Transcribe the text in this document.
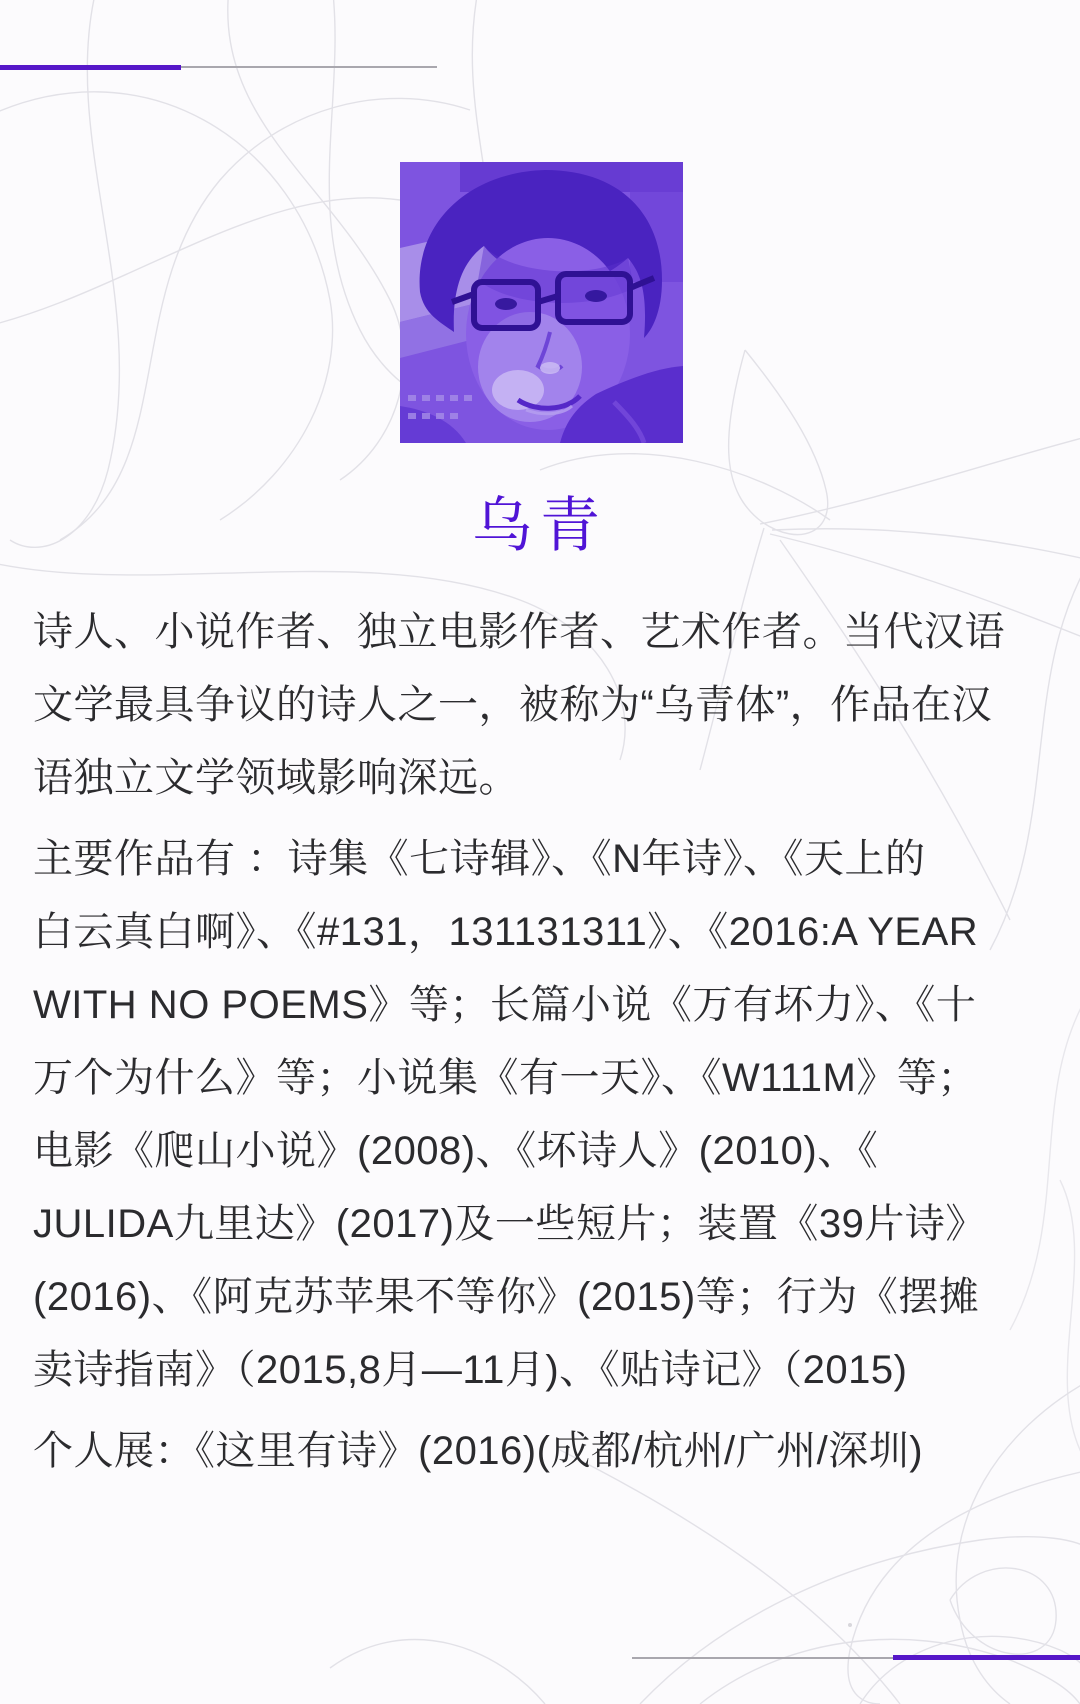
乌青
诗人、小说作者、独立电影作者、艺术作者。当代汉语
文学最具争议的诗人之一，被称为“乌青体”，作品在汉
语独立文学领域影响深远。
主要作品有 ：诗集《七诗辑》、《N年诗》、《天上的
白云真白啊》、《#131，131131311》、《2016:A YEAR
WITH NO POEMS》等；长篇小说《万有坏力》、《十
万个为什么》等；小说集《有一天》、《W111M》等；
电影《爬山小说》(2008)、《坏诗人》(2010)、《
JULIDA九里达》(2017)及一些短片；装置《39片诗》
(2016)、《阿克苏苹果不等你》(2015)等；行为《摆摊
卖诗指南》（2015,8月—11月)、《贴诗记》（2015)
个人展：《这里有诗》(2016)(成都/杭州/广州/深圳)
